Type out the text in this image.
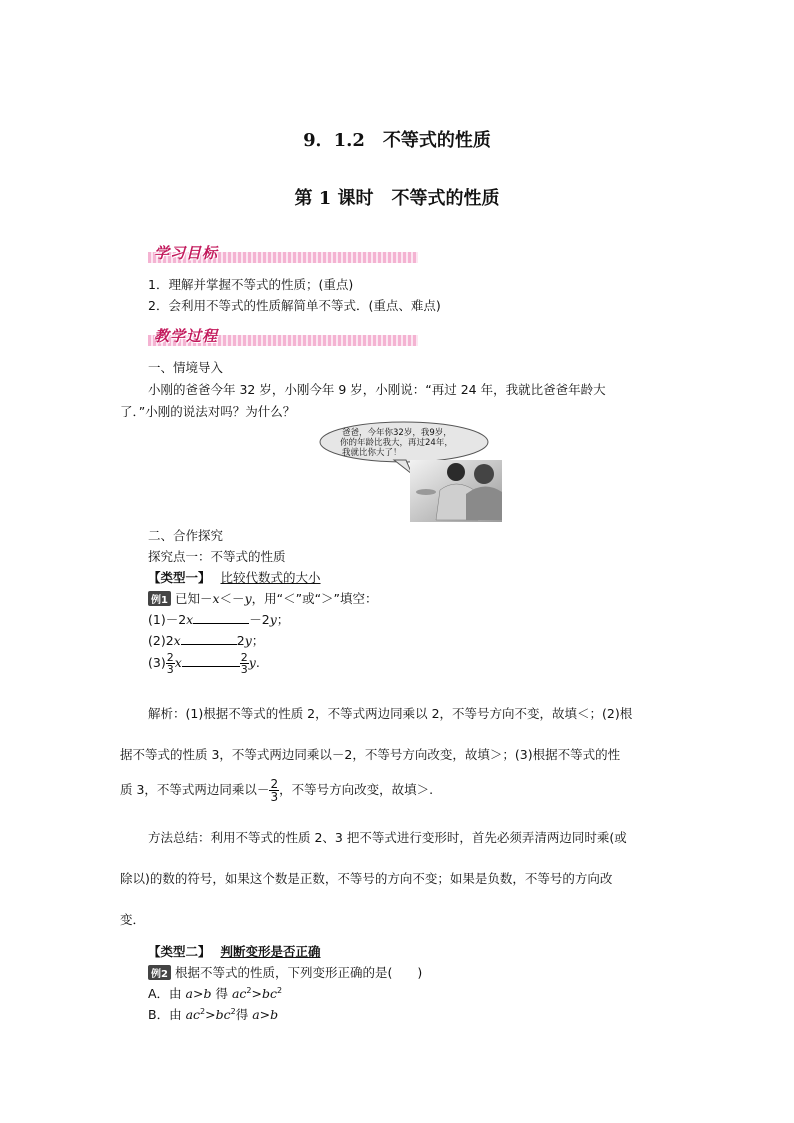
9．1.2　不等式的性质
第 1 课时　不等式的性质
学习目标
1．理解并掌握不等式的性质；(重点)
2．会利用不等式的性质解简单不等式．(重点、难点)
教学过程
一、情境导入
小刚的爸爸今年 32 岁，小刚今年 9 岁，小刚说：“再过 24 年，我就比爸爸年龄大
了．”小刚的说法对吗？为什么？
爸爸，今年你32岁，我9岁，
你的年龄比我大，再过24年，
我就比你大了！
二、合作探究
探究点一：不等式的性质
【类型一】 比较代数式的大小
例1 已知－x＜－y，用“＜”或“＞”填空：
(1)－2x	－2y；
(2)2x	2y；
$(3) \frac{2}{3}$ x	$\frac{2}{3} y$.
解析：(1)根据不等式的性质 2，不等式两边同乘以 2，不等号方向不变，故填＜；(2)根
据不等式的性质 3，不等式两边同乘以－2，不等号方向改变，故填＞；(3)根据不等式的性
质 3，不等式两边同乘以－ $\frac{2}{3}$ ，不等号方向改变，故填＞.
方法总结：利用不等式的性质 2、3 把不等式进行变形时，首先必须弄清两边同时乘(或
除以)的数的符号，如果这个数是正数，不等号的方向不变；如果是负数，不等号的方向改
变．
【类型二】 判断变形是否正确
例2 根据不等式的性质，下列变形正确的是(　　)
A．由 a>b 得 $ac^2>bc^2$
B．由 $ac^2>bc^2$得 a>b
